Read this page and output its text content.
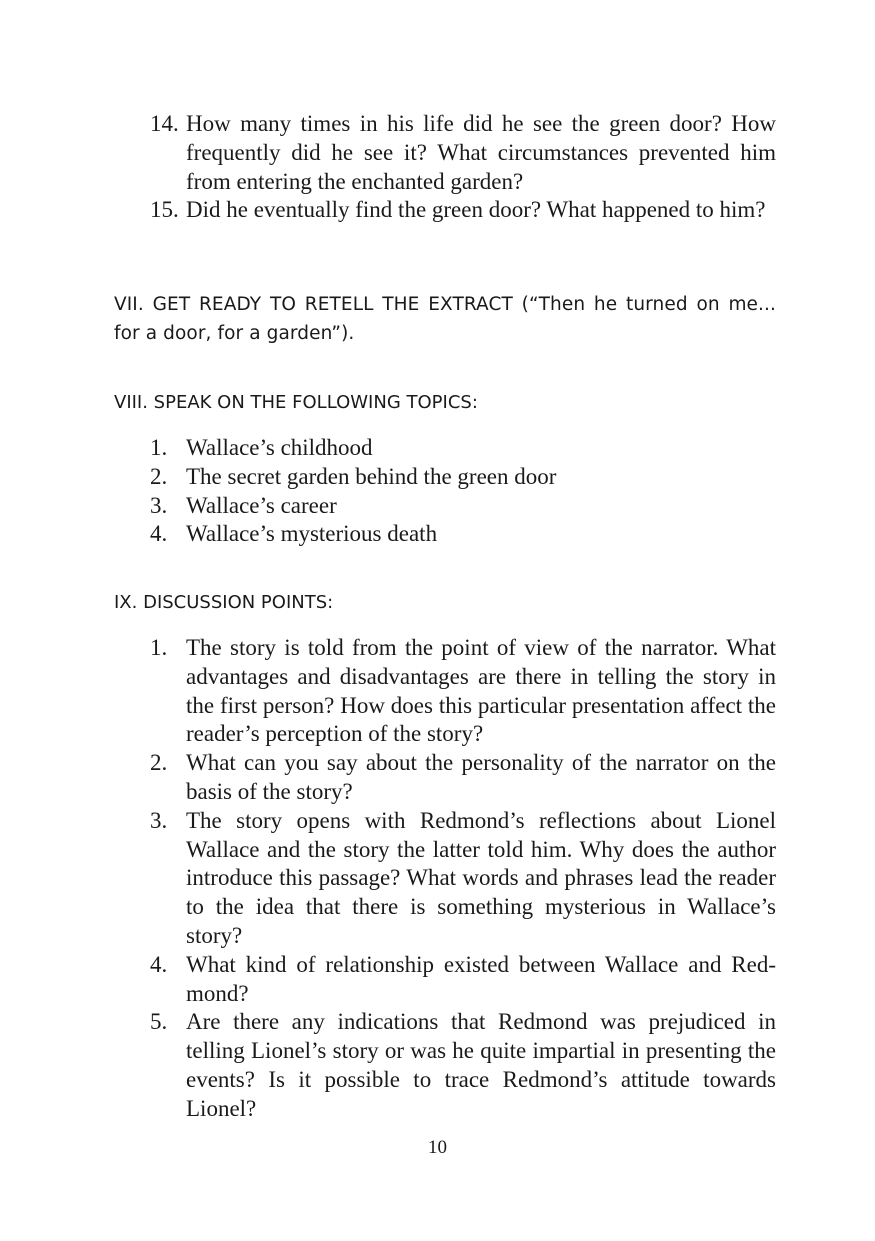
14. How many times in his life did he see the green door? How frequently did he see it? What circumstances prevented him from entering the enchanted garden?
15. Did he eventually find the green door? What happened to him?

VII. GET READY TO RETELL THE EXTRACT (“Then he turned on me... for a door, for a garden”).

VIII. SPEAK ON THE FOLLOWING TOPICS:

1. Wallace’s childhood
2. The secret garden behind the green door
3. Wallace’s career
4. Wallace’s mysterious death

IX. DISCUSSION POINTS:

1. The story is told from the point of view of the narrator. What advantages and disadvantages are there in telling the story in the first person? How does this particular presentation affect the reader’s perception of the story?
2. What can you say about the personality of the narrator on the basis of the story?
3. The story opens with Redmond’s reflections about Lionel Wallace and the story the latter told him. Why does the author introduce this passage? What words and phrases lead the reader to the idea that there is something mysterious in Wallace’s story?
4. What kind of relationship existed between Wallace and Red-mond?
5. Are there any indications that Redmond was prejudiced in telling Lionel’s story or was he quite impartial in presenting the events? Is it possible to trace Redmond’s attitude towards Lionel?
10
